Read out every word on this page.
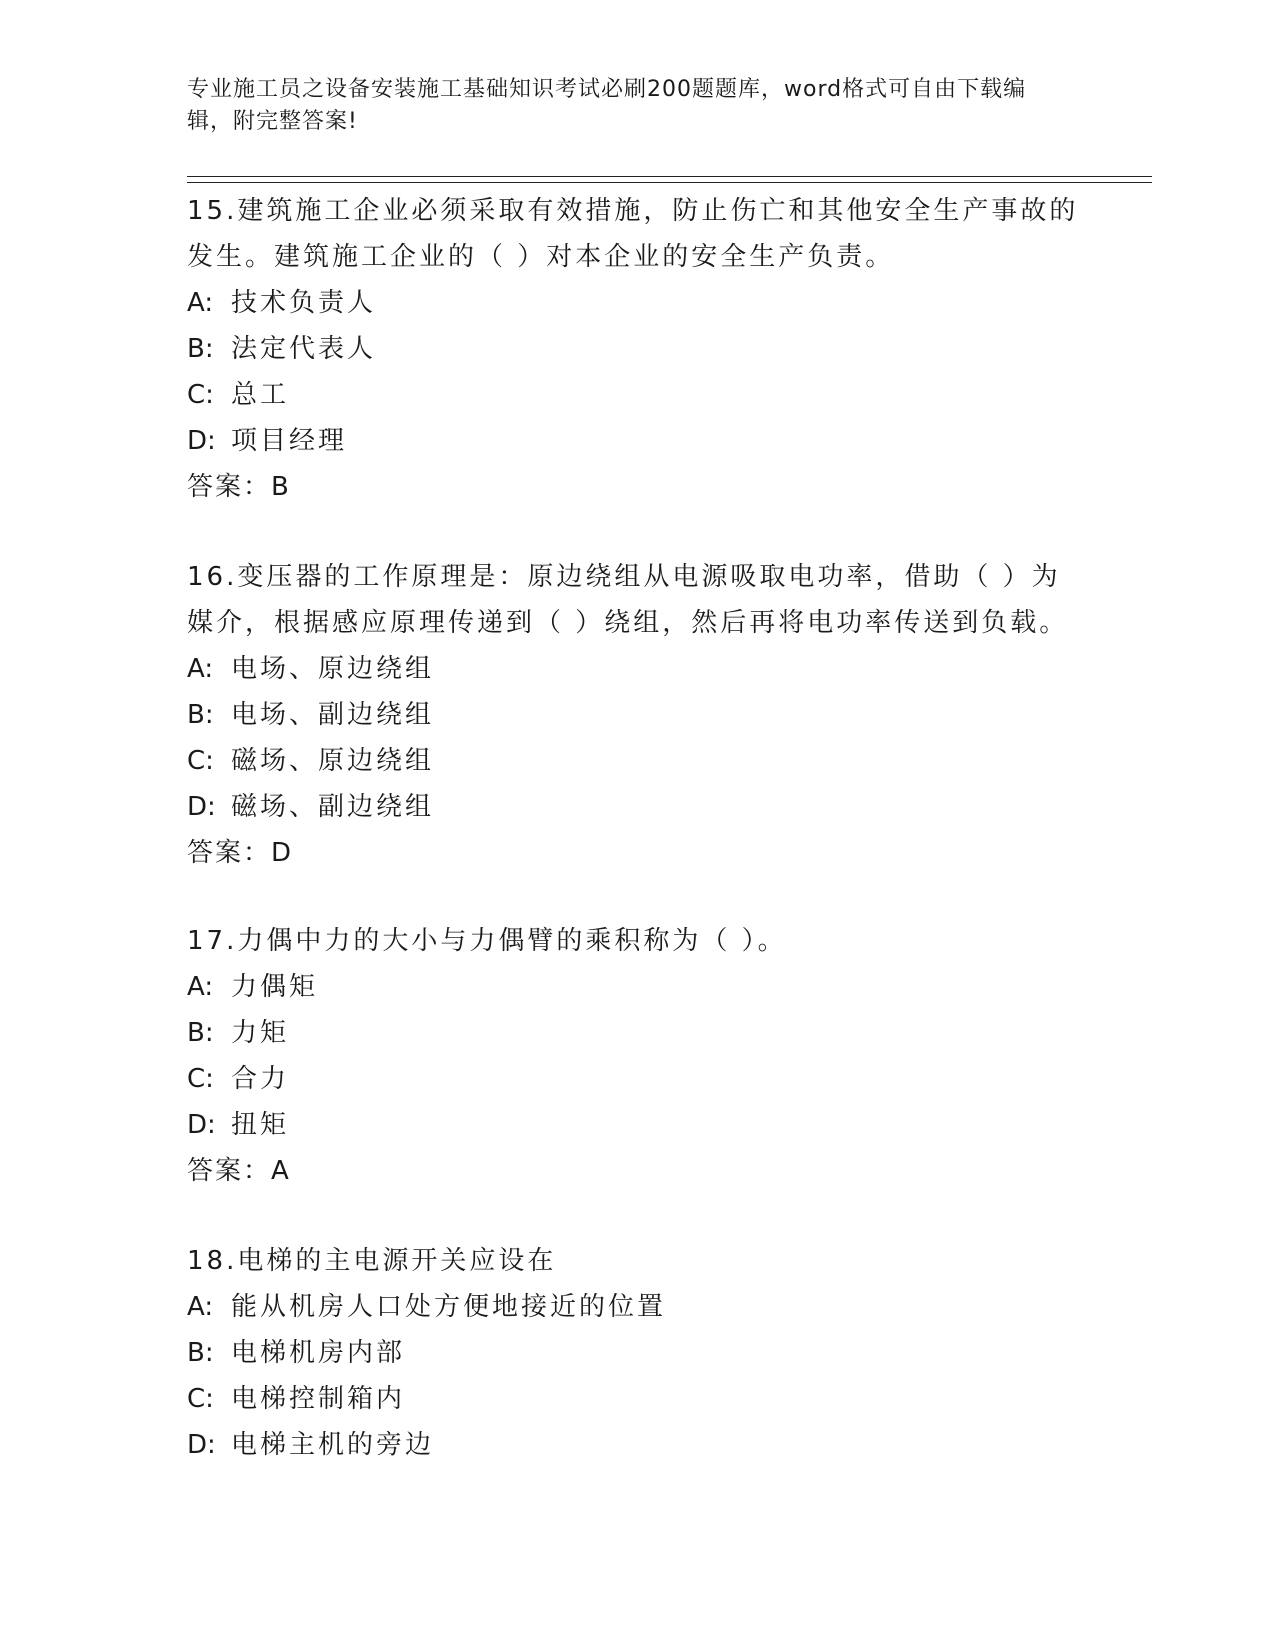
专业施工员之设备安装施工基础知识考试必刷200题题库，word格式可自由下载编辑，附完整答案!

15.建筑施工企业必须采取有效措施，防止伤亡和其他安全生产事故的发生。建筑施工企业的（ ）对本企业的安全生产负责。

A: 技术负责人

B: 法定代表人

C: 总工

D: 项目经理

答案：B

16.变压器的工作原理是：原边绕组从电源吸取电功率，借助（ ）为媒介，根据感应原理传递到（ ）绕组，然后再将电功率传送到负载。

A: 电场、原边绕组

B: 电场、副边绕组

C: 磁场、原边绕组

D: 磁场、副边绕组

答案：D

17.力偶中力的大小与力偶臂的乘积称为（ ）。

A: 力偶矩

B: 力矩

C: 合力

D: 扭矩

答案：A

18.电梯的主电源开关应设在

A: 能从机房人口处方便地接近的位置

B: 电梯机房内部

C: 电梯控制箱内

D: 电梯主机的旁边
